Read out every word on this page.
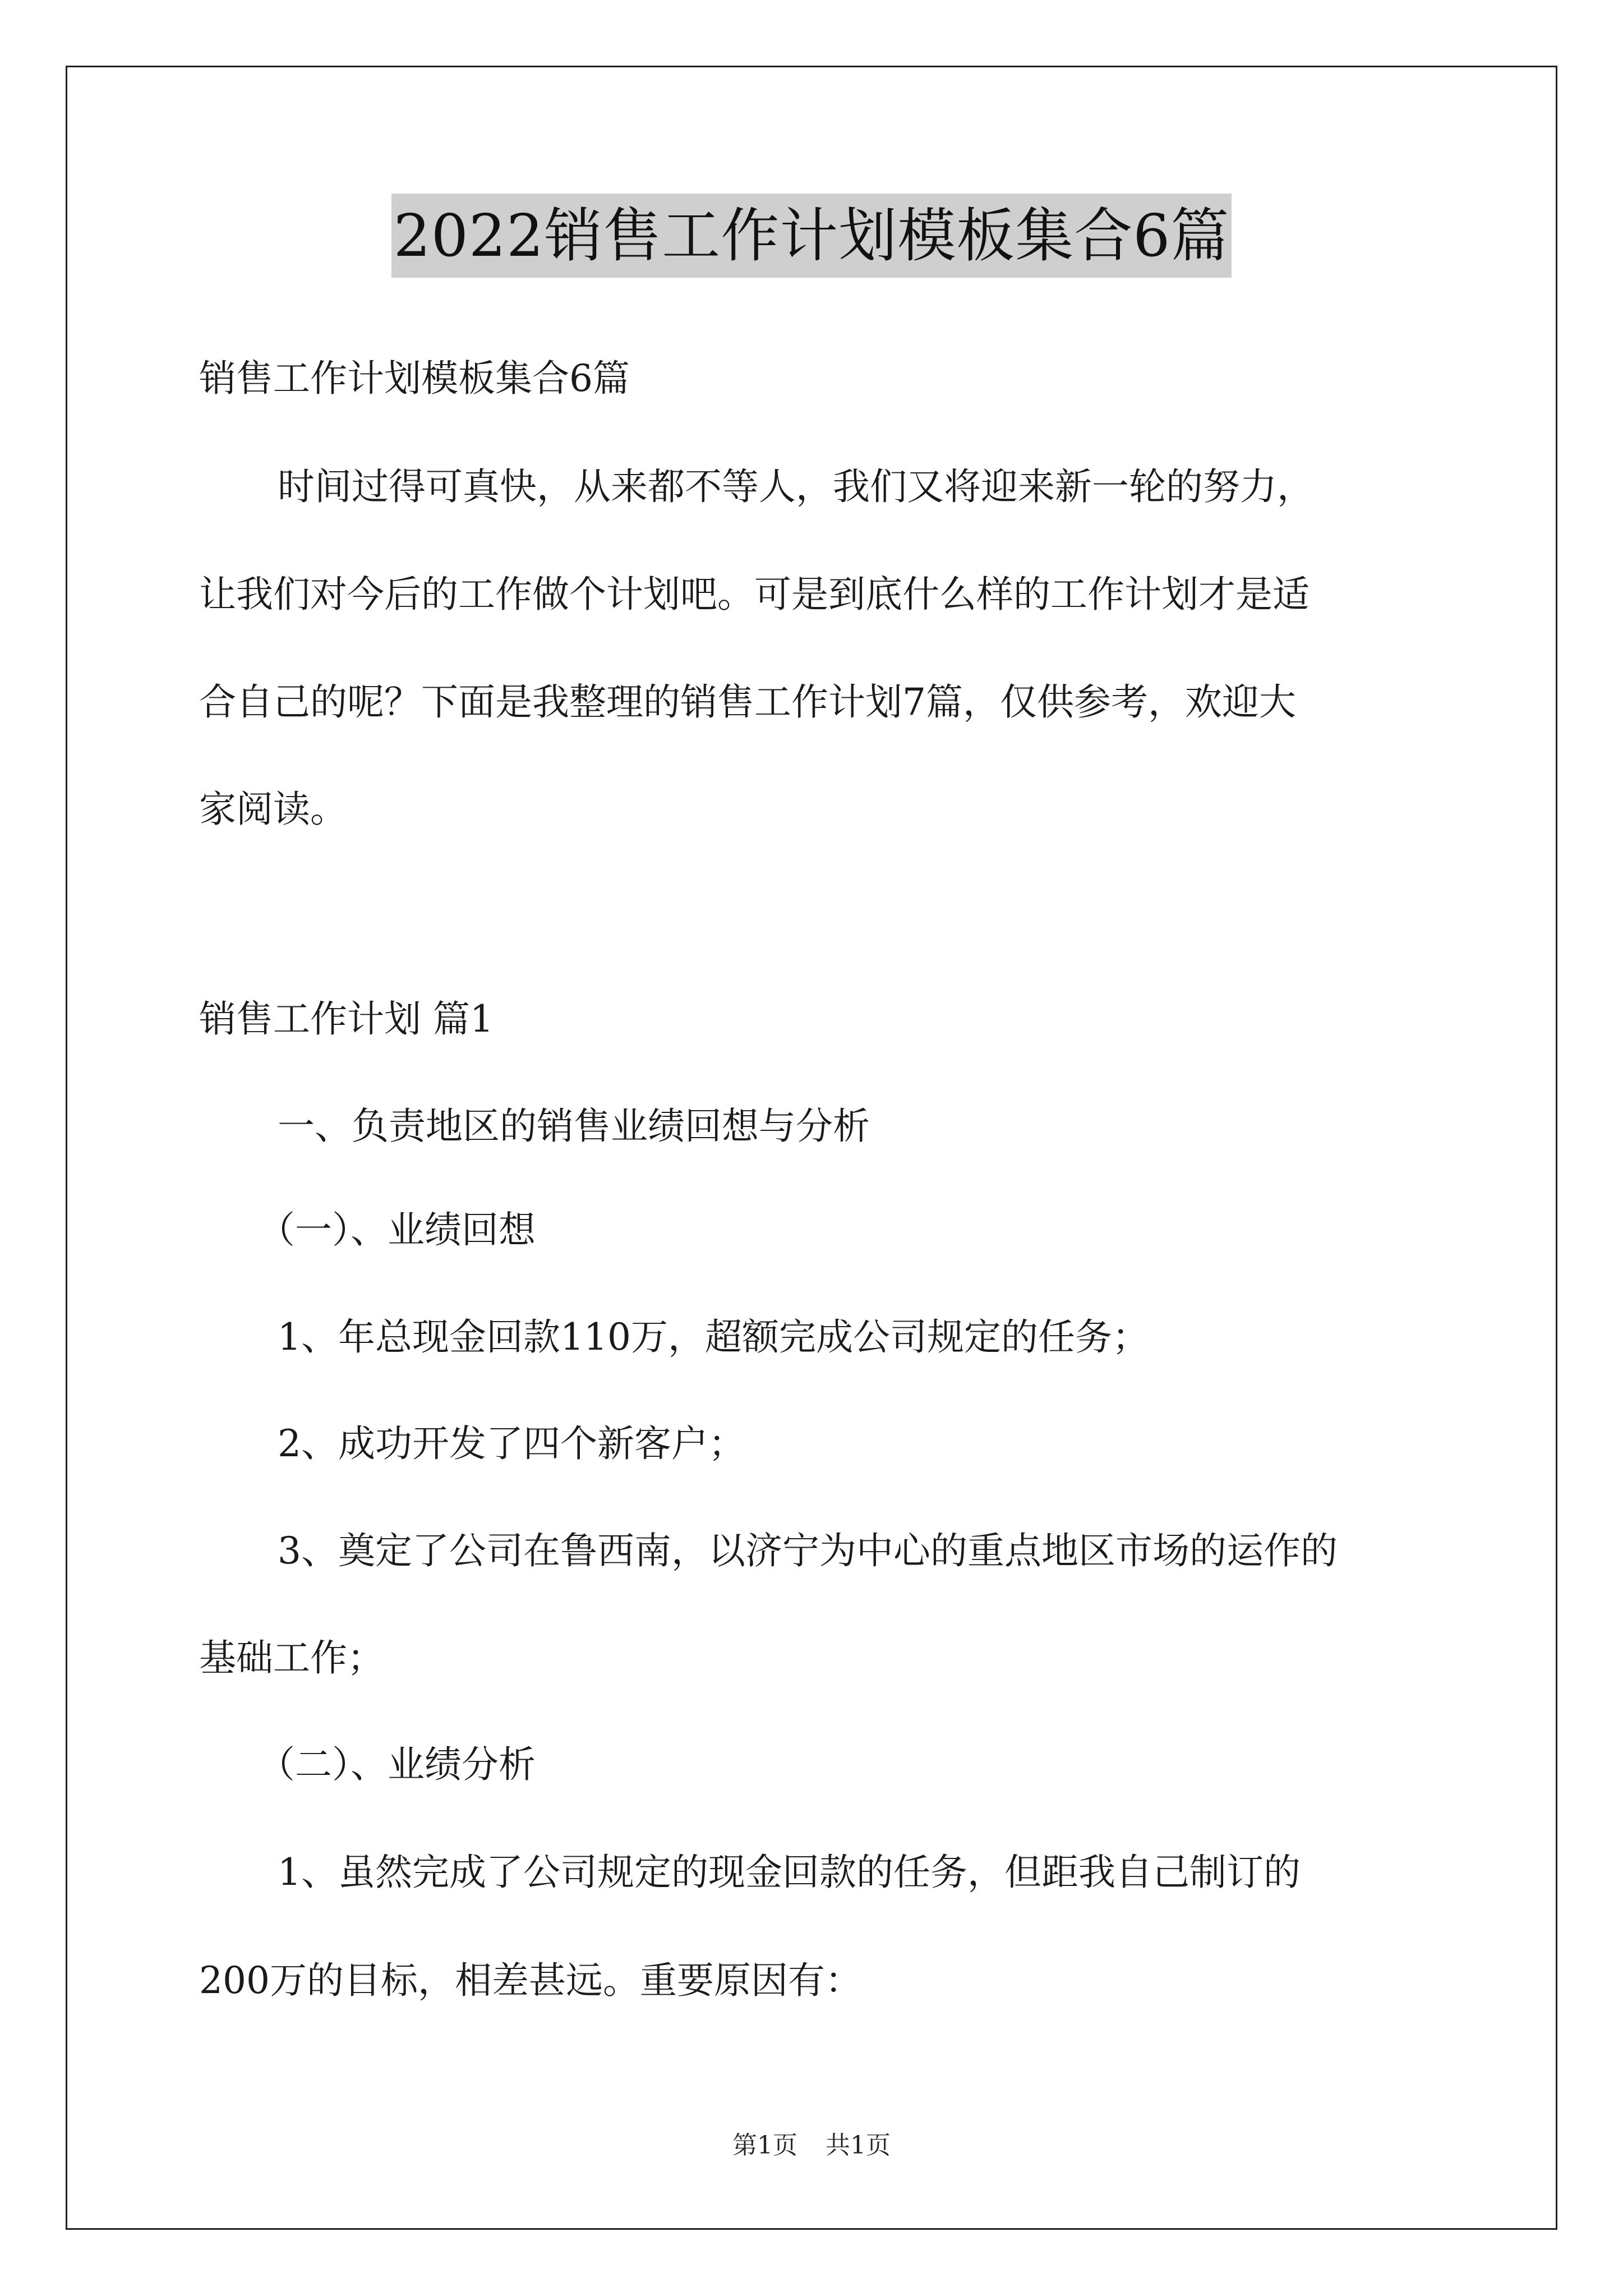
2022销售工作计划模板集合6篇
销售工作计划模板集合6篇
时间过得可真快，从来都不等人，我们又将迎来新一轮的努力，
让我们对今后的工作做个计划吧。可是到底什么样的工作计划才是适
合自己的呢？下面是我整理的销售工作计划7篇，仅供参考，欢迎大
家阅读。
销售工作计划 篇1
一、负责地区的销售业绩回想与分析
（一）、业绩回想
1、年总现金回款110万，超额完成公司规定的任务；
2、成功开发了四个新客户；
3、奠定了公司在鲁西南，以济宁为中心的重点地区市场的运作的
基础工作；
（二）、业绩分析
1、虽然完成了公司规定的现金回款的任务，但距我自己制订的
200万的目标，相差甚远。重要原因有：
第1页 共1页
